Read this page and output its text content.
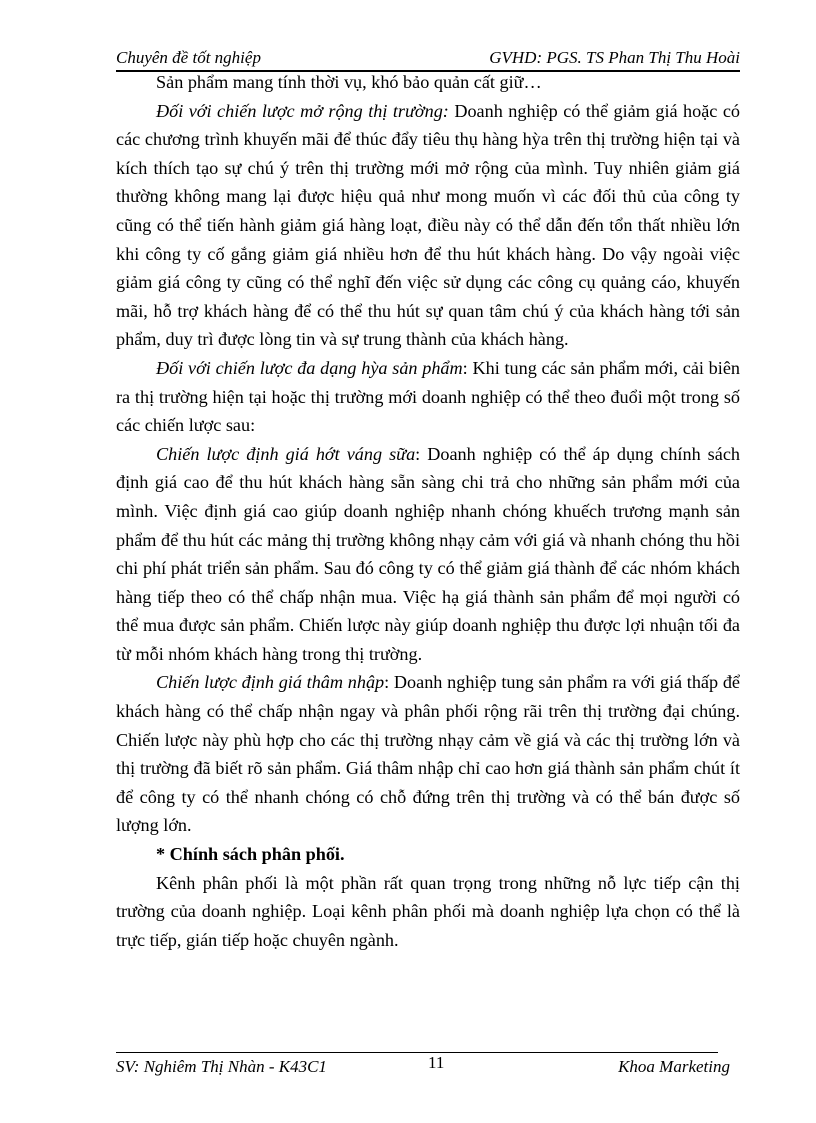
Chuyên đề tốt nghiệp	GVHD: PGS. TS Phan Thị Thu Hoài

Sản phẩm mang tính thời vụ, khó bảo quản cất giữ…

Đối với chiến lược mở rộng thị trường: Doanh nghiệp có thể giảm giá hoặc có các chương trình khuyến mãi để thúc đẩy tiêu thụ hàng hỳa trên thị trường hiện tại và kích thích tạo sự chú ý trên thị trường mới mở rộng của mình. Tuy nhiên giảm giá thường không mang lại được hiệu quả như mong muốn vì các đối thủ của công ty cũng có thể tiến hành giảm giá hàng loạt, điều này có thể dẫn đến tổn thất nhiều lớn khi công ty cố gắng giảm giá nhiều hơn để thu hút khách hàng. Do vậy ngoài việc giảm giá công ty cũng có thể nghĩ đến việc sử dụng các công cụ quảng cáo, khuyến mãi, hỗ trợ khách hàng để có thể thu hút sự quan tâm chú ý của khách hàng tới sản phẩm, duy trì được lòng tin và sự trung thành của khách hàng.

Đối với chiến lược đa dạng hỳa sản phẩm: Khi tung các sản phẩm mới, cải biên ra thị trường hiện tại hoặc thị trường mới doanh nghiệp có thể theo đuổi một trong số các chiến lược sau:

Chiến lược định giá hớt váng sữa: Doanh nghiệp có thể áp dụng chính sách định giá cao để thu hút khách hàng sẵn sàng chi trả cho những sản phẩm mới của mình. Việc định giá cao giúp doanh nghiệp nhanh chóng khuếch trương mạnh sản phẩm để thu hút các mảng thị trường không nhạy cảm với giá và nhanh chóng thu hồi chi phí phát triển sản phẩm. Sau đó công ty có thể giảm giá thành để các nhóm khách hàng tiếp theo có thể chấp nhận mua. Việc hạ giá thành sản phẩm để mọi người có thể mua được sản phẩm. Chiến lược này giúp doanh nghiệp thu được lợi nhuận tối đa từ mỗi nhóm khách hàng trong thị trường.

Chiến lược định giá thâm nhập: Doanh nghiệp tung sản phẩm ra với giá thấp để khách hàng có thể chấp nhận ngay và phân phối rộng rãi trên thị trường đại chúng. Chiến lược này phù hợp cho các thị trường nhạy cảm về giá và các thị trường lớn và thị trường đã biết rõ sản phẩm. Giá thâm nhập chỉ cao hơn giá thành sản phẩm chút ít để công ty có thể nhanh chóng có chỗ đứng trên thị trường và có thể bán được số lượng lớn.

* Chính sách phân phối.

Kênh phân phối là một phần rất quan trọng trong những nỗ lực tiếp cận thị trường của doanh nghiệp. Loại kênh phân phối mà doanh nghiệp lựa chọn có thể là trực tiếp, gián tiếp hoặc chuyên ngành.

SV: Nghiêm Thị Nhàn - K43C1	11	Khoa Marketing
